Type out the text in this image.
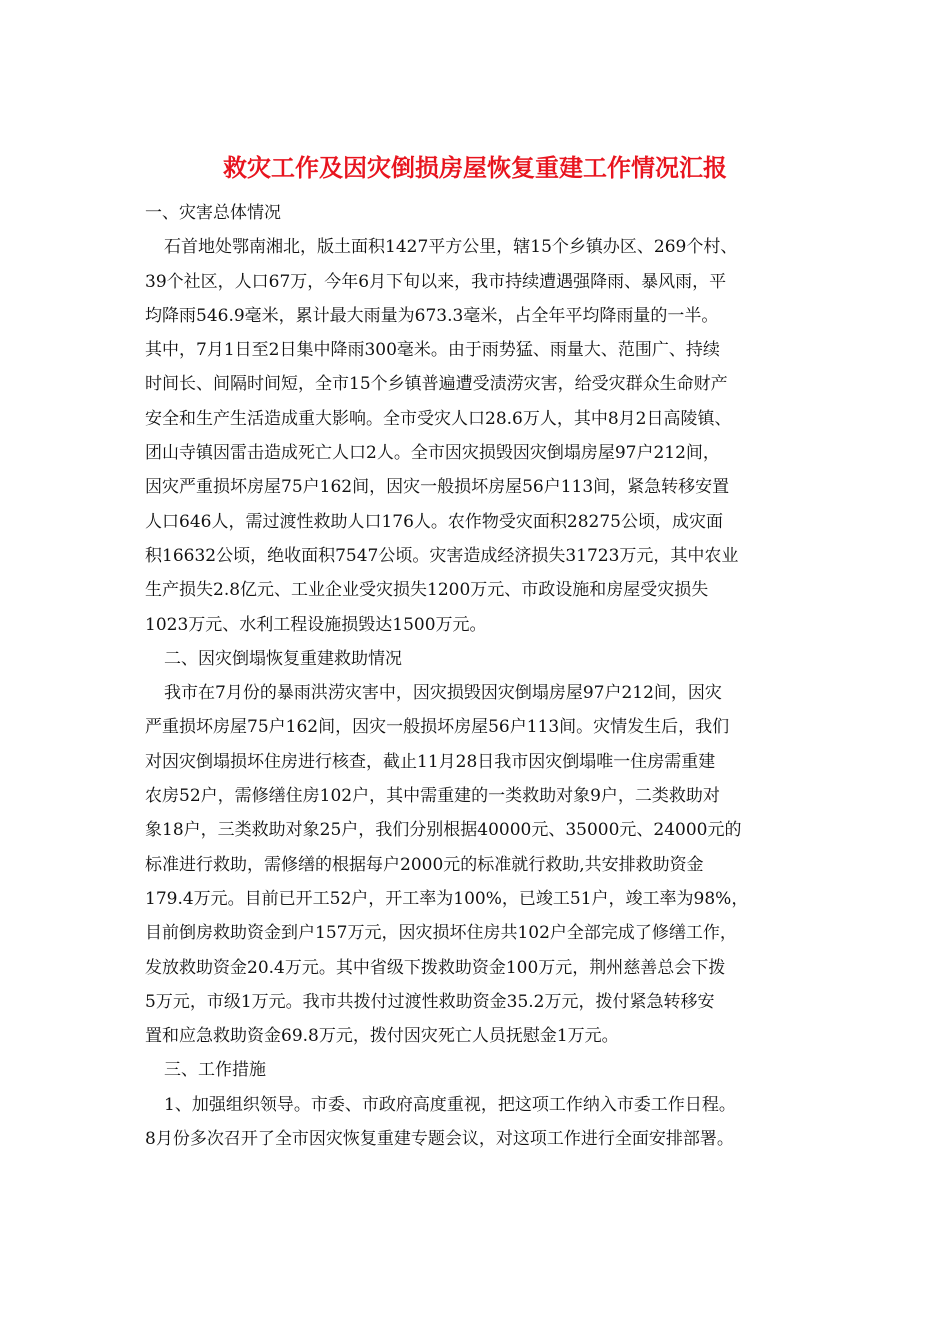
救灾工作及因灾倒损房屋恢复重建工作情况汇报
一、灾害总体情况
石首地处鄂南湘北，版土面积1427平方公里，辖15个乡镇办区、269个村、
39个社区，人口67万，今年6月下旬以来，我市持续遭遇强降雨、暴风雨，平
均降雨546.9毫米，累计最大雨量为673.3毫米，占全年平均降雨量的一半。
其中，7月1日至2日集中降雨300毫米。由于雨势猛、雨量大、范围广、持续
时间长、间隔时间短，全市15个乡镇普遍遭受渍涝灾害，给受灾群众生命财产
安全和生产生活造成重大影响。全市受灾人口28.6万人，其中8月2日高陵镇、
团山寺镇因雷击造成死亡人口2人。全市因灾损毁因灾倒塌房屋97户212间，
因灾严重损坏房屋75户162间，因灾一般损坏房屋56户113间，紧急转移安置
人口646人，需过渡性救助人口176人。农作物受灾面积28275公顷，成灾面
积16632公顷，绝收面积7547公顷。灾害造成经济损失31723万元，其中农业
生产损失2.8亿元、工业企业受灾损失1200万元、市政设施和房屋受灾损失
1023万元、水利工程设施损毁达1500万元。
二、因灾倒塌恢复重建救助情况
我市在7月份的暴雨洪涝灾害中，因灾损毁因灾倒塌房屋97户212间，因灾
严重损坏房屋75户162间，因灾一般损坏房屋56户113间。灾情发生后，我们
对因灾倒塌损坏住房进行核查，截止11月28日我市因灾倒塌唯一住房需重建
农房52户，需修缮住房102户，其中需重建的一类救助对象9户，二类救助对
象18户，三类救助对象25户，我们分别根据40000元、35000元、24000元的
标准进行救助，需修缮的根据每户2000元的标准就行救助,共安排救助资金
179.4万元。目前已开工52户，开工率为100%，已竣工51户，竣工率为98%，
目前倒房救助资金到户157万元，因灾损坏住房共102户全部完成了修缮工作，
发放救助资金20.4万元。其中省级下拨救助资金100万元，荆州慈善总会下拨
5万元，市级1万元。我市共拨付过渡性救助资金35.2万元，拨付紧急转移安
置和应急救助资金69.8万元，拨付因灾死亡人员抚慰金1万元。
三、工作措施
1、加强组织领导。市委、市政府高度重视，把这项工作纳入市委工作日程。
8月份多次召开了全市因灾恢复重建专题会议，对这项工作进行全面安排部署。
